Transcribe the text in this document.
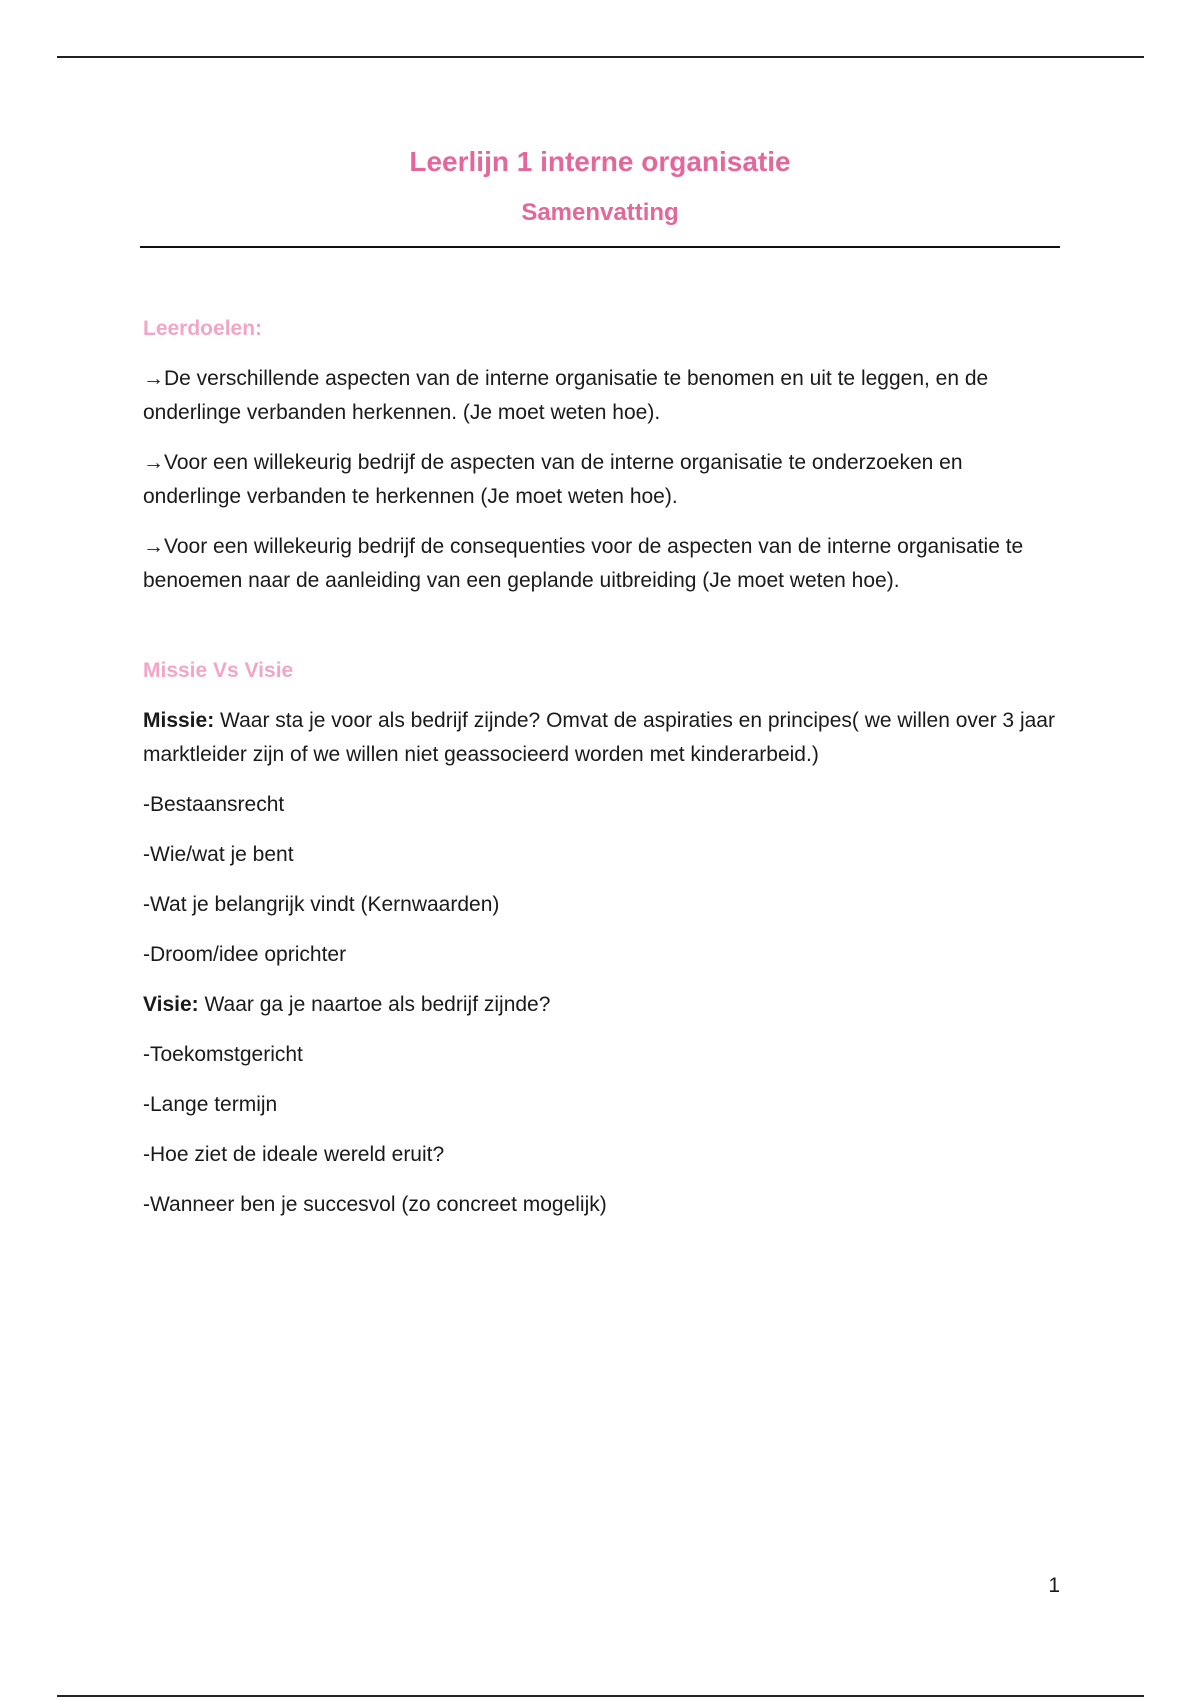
Leerlijn 1 interne organisatie
Samenvatting
Leerdoelen:

→De verschillende aspecten van de interne organisatie te benomen en uit te leggen, en de onderlinge verbanden herkennen. (Je moet weten hoe).

→Voor een willekeurig bedrijf de aspecten van de interne organisatie te onderzoeken en onderlinge verbanden te herkennen (Je moet weten hoe).

→Voor een willekeurig bedrijf de consequenties voor de aspecten van de interne organisatie te benoemen naar de aanleiding van een geplande uitbreiding (Je moet weten hoe).

Missie Vs Visie

Missie: Waar sta je voor als bedrijf zijnde? Omvat de aspiraties en principes( we willen over 3 jaar marktleider zijn of we willen niet geassocieerd worden met kinderarbeid.)

-Bestaansrecht

-Wie/wat je bent

-Wat je belangrijk vindt (Kernwaarden)

-Droom/idee oprichter

Visie: Waar ga je naartoe als bedrijf zijnde?

-Toekomstgericht

-Lange termijn

-Hoe ziet de ideale wereld eruit?

-Wanneer ben je succesvol (zo concreet mogelijk)

1
